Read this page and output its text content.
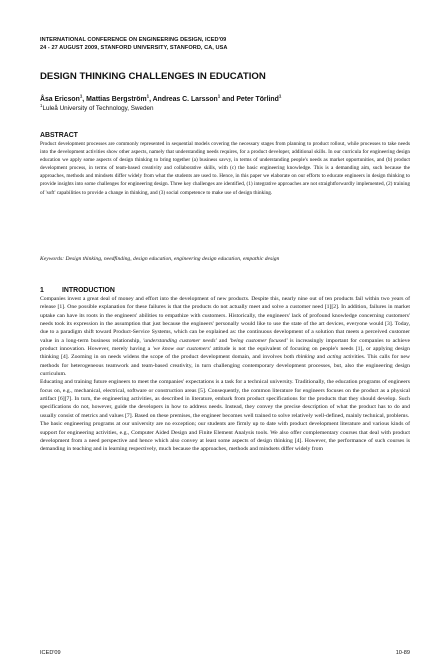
INTERNATIONAL CONFERENCE ON ENGINEERING DESIGN, ICED'09
24 - 27 AUGUST 2009, STANFORD UNIVERSITY, STANFORD, CA, USA
DESIGN THINKING CHALLENGES IN EDUCATION
Åsa Ericson$^1$, Mattias Bergström$^1$, Andreas C. Larsson$^1$ and Peter Törlind$^1$
$^1$Luleå University of Technology, Sweden
ABSTRACT

Product development processes are commonly represented in sequential models covering the necessary stages from planning to product rollout, while processes to take needs into the development activities show other aspects, namely that understanding needs requires, for a product developer, additional skills. In our curricula for engineering design education we apply some aspects of design thinking to bring together (a) business savvy, in terms of understanding people's needs as market opportunities, and (b) product development process, in terms of team-based creativity and collaborative skills, with (c) the basic engineering knowledge. This is a demanding aim, such because the approaches, methods and mindsets differ widely from what the students are used to. Hence, in this paper we elaborate on our efforts to educate engineers in design thinking to provide insights into some challenges for engineering design. Three key challenges are identified, (1) integrative approaches are not straightforwardly implemented, (2) training of 'soft' capabilities to provide a change in thinking, and (3) social competence to make use of design thinking.

Keywords: Design thinking, needfinding, design education, engineering design education, empathic design

1	INTRODUCTION

Companies invest a great deal of money and effort into the development of new products. Despite this, nearly nine out of ten products fail within two years of release [1]. One possible explanation for these failures is that the products do not actually meet and solve a customer need [1][2]. In addition, failures in market uptake can have its roots in the engineers' abilities to empathize with customers. Historically, the engineers' lack of profound knowledge concerning customers' needs took its expression in the assumption that just because the engineers' personally would like to use the state of the art devices, everyone would [3]. Today, due to a paradigm shift toward Product-Service Systems, which can be explained as: the continuous development of a solution that meets a perceived customer value in a long-term business relationship, 'understanding customer needs' and 'being customer focused' is increasingly important for companies to achieve product innovation. However, merely having a 'we know our customers' attitude is not the equivalent of focusing on people's needs [1], or applying design thinking [4]. Zooming in on needs widens the scope of the product development domain, and involves both thinking and acting activities. This calls for new methods for heterogeneous teamwork and team-based creativity, in turn challenging contemporary development processes, but, also the engineering design curriculum.

Educating and training future engineers to meet the companies' expectations is a task for a technical university. Traditionally, the education programs of engineers focus on, e.g., mechanical, electrical, software or construction areas [5]. Consequently, the common literature for engineers focuses on the product as a physical artifact [6][7]. In turn, the engineering activities, as described in literature, embark from product specifications for the products that they should develop. Such specifications do not, however, guide the developers in how to address needs. Instead, they convey the precise description of what the product has to do and usually consist of metrics and values [7]. Based on these premises, the engineer becomes well trained to solve relatively well-defined, mainly technical, problems.

The basic engineering programs at our university are no exception; our students are firmly up to date with product development literature and various kinds of support for engineering activities, e.g., Computer Aided Design and Finite Element Analysis tools. We also offer complementary courses that deal with product development from a need perspective and hence which also convey at least some aspects of design thinking [4]. However, the performance of such courses is demanding in teaching and in learning respectively, much because the approaches, methods and mindsets differ widely from

ICED'09	10-89
